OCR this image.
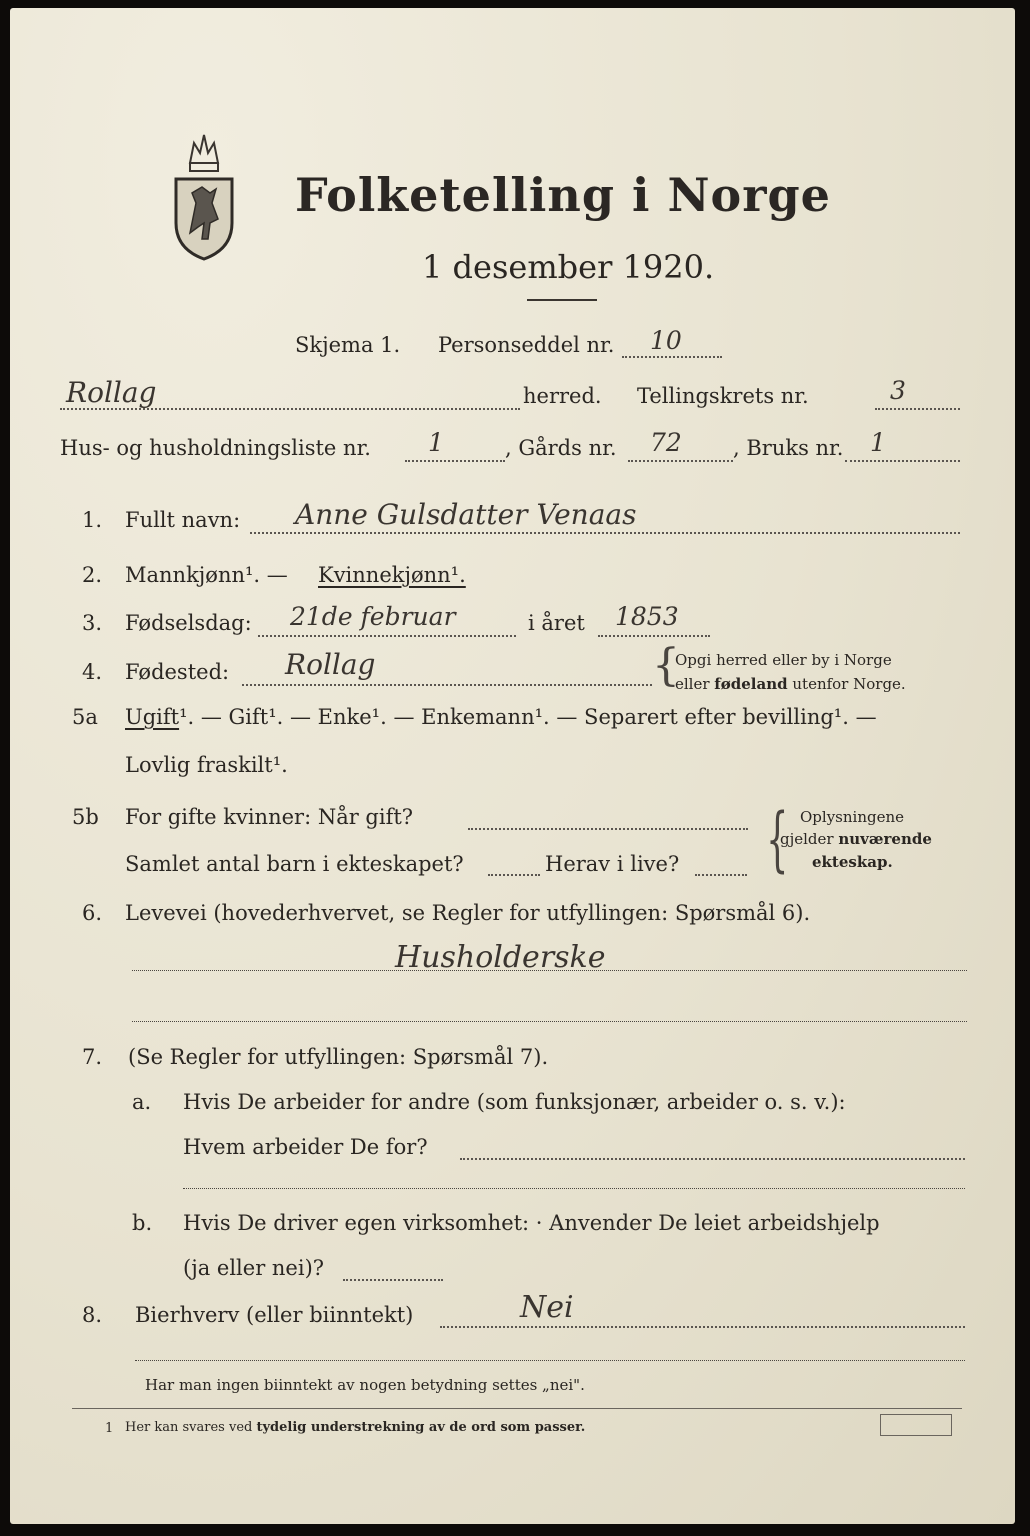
Folketelling i Norge
1 desember 1920.
Skjema 1. Personseddel nr. 10
Rollag	herred. Tellingskrets nr.	3
Hus- og husholdningsliste nr. 1	, Gårds nr. 72 , Bruks nr. 1
1. Fullt navn: Anne Gulsdatter Venaas
2. Mannkjønn¹. — Kvinnekjønn¹.
3. Fødselsdag: 21de februar	i året 1853
4. Fødested: Rollag	{
Opgi herred eller by i Norge
eller fødeland utenfor Norge.
5a Ugift¹. — Gift¹. — Enke¹. — Enkemann¹. — Separert efter bevilling¹. —
Lovlig fraskilt¹.
5b For gifte kvinner: Når gift?
Samlet antal barn i ekteskapet?	Herav i live? { Oplysningene
gjelder nuværende
ekteskap.
6. Levevei (hovederhvervet, se Regler for utfyllingen: Spørsmål 6).
Husholderske
7. (Se Regler for utfyllingen: Spørsmål 7).
a. Hvis De arbeider for andre (som funksjonær, arbeider o. s. v.):
Hvem arbeider De for?
b. Hvis De driver egen virksomhet: · Anvender De leiet arbeidshjelp
(ja eller nei)?
8. Bierhverv (eller biinntekt)	Nei
Har man ingen biinntekt av nogen betydning settes „nei".
1 Her kan svares ved tydelig understrekning av de ord som passer.
